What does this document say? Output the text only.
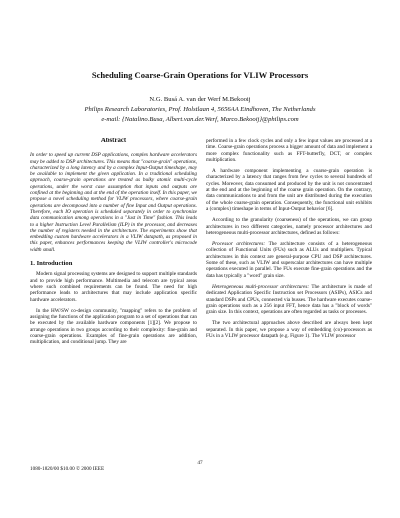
Scheduling Coarse-Grain Operations for VLIW Processors
N.G. Busá A. van der Werf M.Bekooij
Philips Research Laboratories, Prof. Holstlaan 4, 5656AA Eindhoven, The Netherlands
e-mail: {Natalino.Busa, Albert.van.der.Werf, Marco.Bekooij}@philips.com
Abstract
In order to speed up current DSP applications, complex hardware accelerators may be added to DSP architectures. This means that "coarse-grain" operations, characterized by a long latency and by a complex Input-Output timeshape, may be available to implement the given application. In a traditional scheduling approach, coarse-grain operations are treated as bulky atomic multi-cycle operations, under the worst case assumption that inputs and outputs are confined at the beginning and at the end of the operation itself. In this paper, we propose a novel scheduling method for VLIW processors, where coarse-grain operations are decomposed into a number of fine Input and Output operations. Therefore, each IO operation is scheduled separately in order to synchronize data communication among operations in a "Just in Time" fashion. This leads to a higher Instruction Level Parallelism (ILP) in the processor, and decreases the number of registers needed in the architecture. The experiments show that embedding custom hardware accelerators in a VLIW datapath, as proposed in this paper, enhances performances keeping the VLIW controller's microcode width small.
1. Introduction

Modern signal processing systems are designed to support multiple standards and to provide high performance. Multimedia and telecom are typical areas where such combined requirements can be found. The need for high performance leads to architectures that may include application specific hardware accelerators.

In the HW/SW co-design community, "mapping" refers to the problem of assigning the functions of the application program to a set of operations that can be executed by the available hardware components [1][2]. We propose to arrange operations in two groups according to their complexity: fine-grain and coarse-grain operations. Examples of fine-grain operations are addition, multiplication, and conditional jump. They are

performed in a few clock cycles and only a few input values are processed at a time. Coarse-grain operations process a bigger amount of data and implement a more complex functionality such as FFT-butterfly, DCT, or complex multiplication.

A hardware component implementing a coarse-grain operation is characterized by a latency that ranges from few cycles to several hundreds of cycles. Moreover, data consumed and produced by the unit is not concentrated at the end and at the beginning of the coarse grain operation. On the contrary, data communications to and from the unit are distributed during the execution of the whole coarse-grain operation. Consequently, the functional unit exhibits a (complex) timeshape in terms of Input-Output behavior [6].

According to the granularity (coarseness) of the operations, we can group architectures in two different categories, namely processor architectures and heterogeneous multi-processor architectures, defined as follows:

Processor architectures: The architecture consists of a heterogeneous collection of Functional Units (FUs) such as ALUs and multipliers. Typical architectures in this context are general-purpose CPU and DSP architectures. Some of these, such as VLIW and superscalar architectures can have multiple operations executed in parallel. The FUs execute fine-grain operations and the data has typically a "word" grain size.

Heterogeneous multi-processor architectures: The architecture is made of dedicated Application Specific Instruction set Processors (ASIPs), ASICs and standard DSPs and CPUs, connected via busses. The hardware executes coarse-grain operations such as a 256 input FFT, hence data has a "block of words" grain size. In this context, operations are often regarded as tasks or processes.

The two architectural approaches above described are always been kept separated. In this paper, we propose a way of embedding (co)-processors as FUs in a VLIW processor datapath (e.g. Figure 1). The VLIW processor

47
1080-1820/00 $10.00 © 2000 IEEE
